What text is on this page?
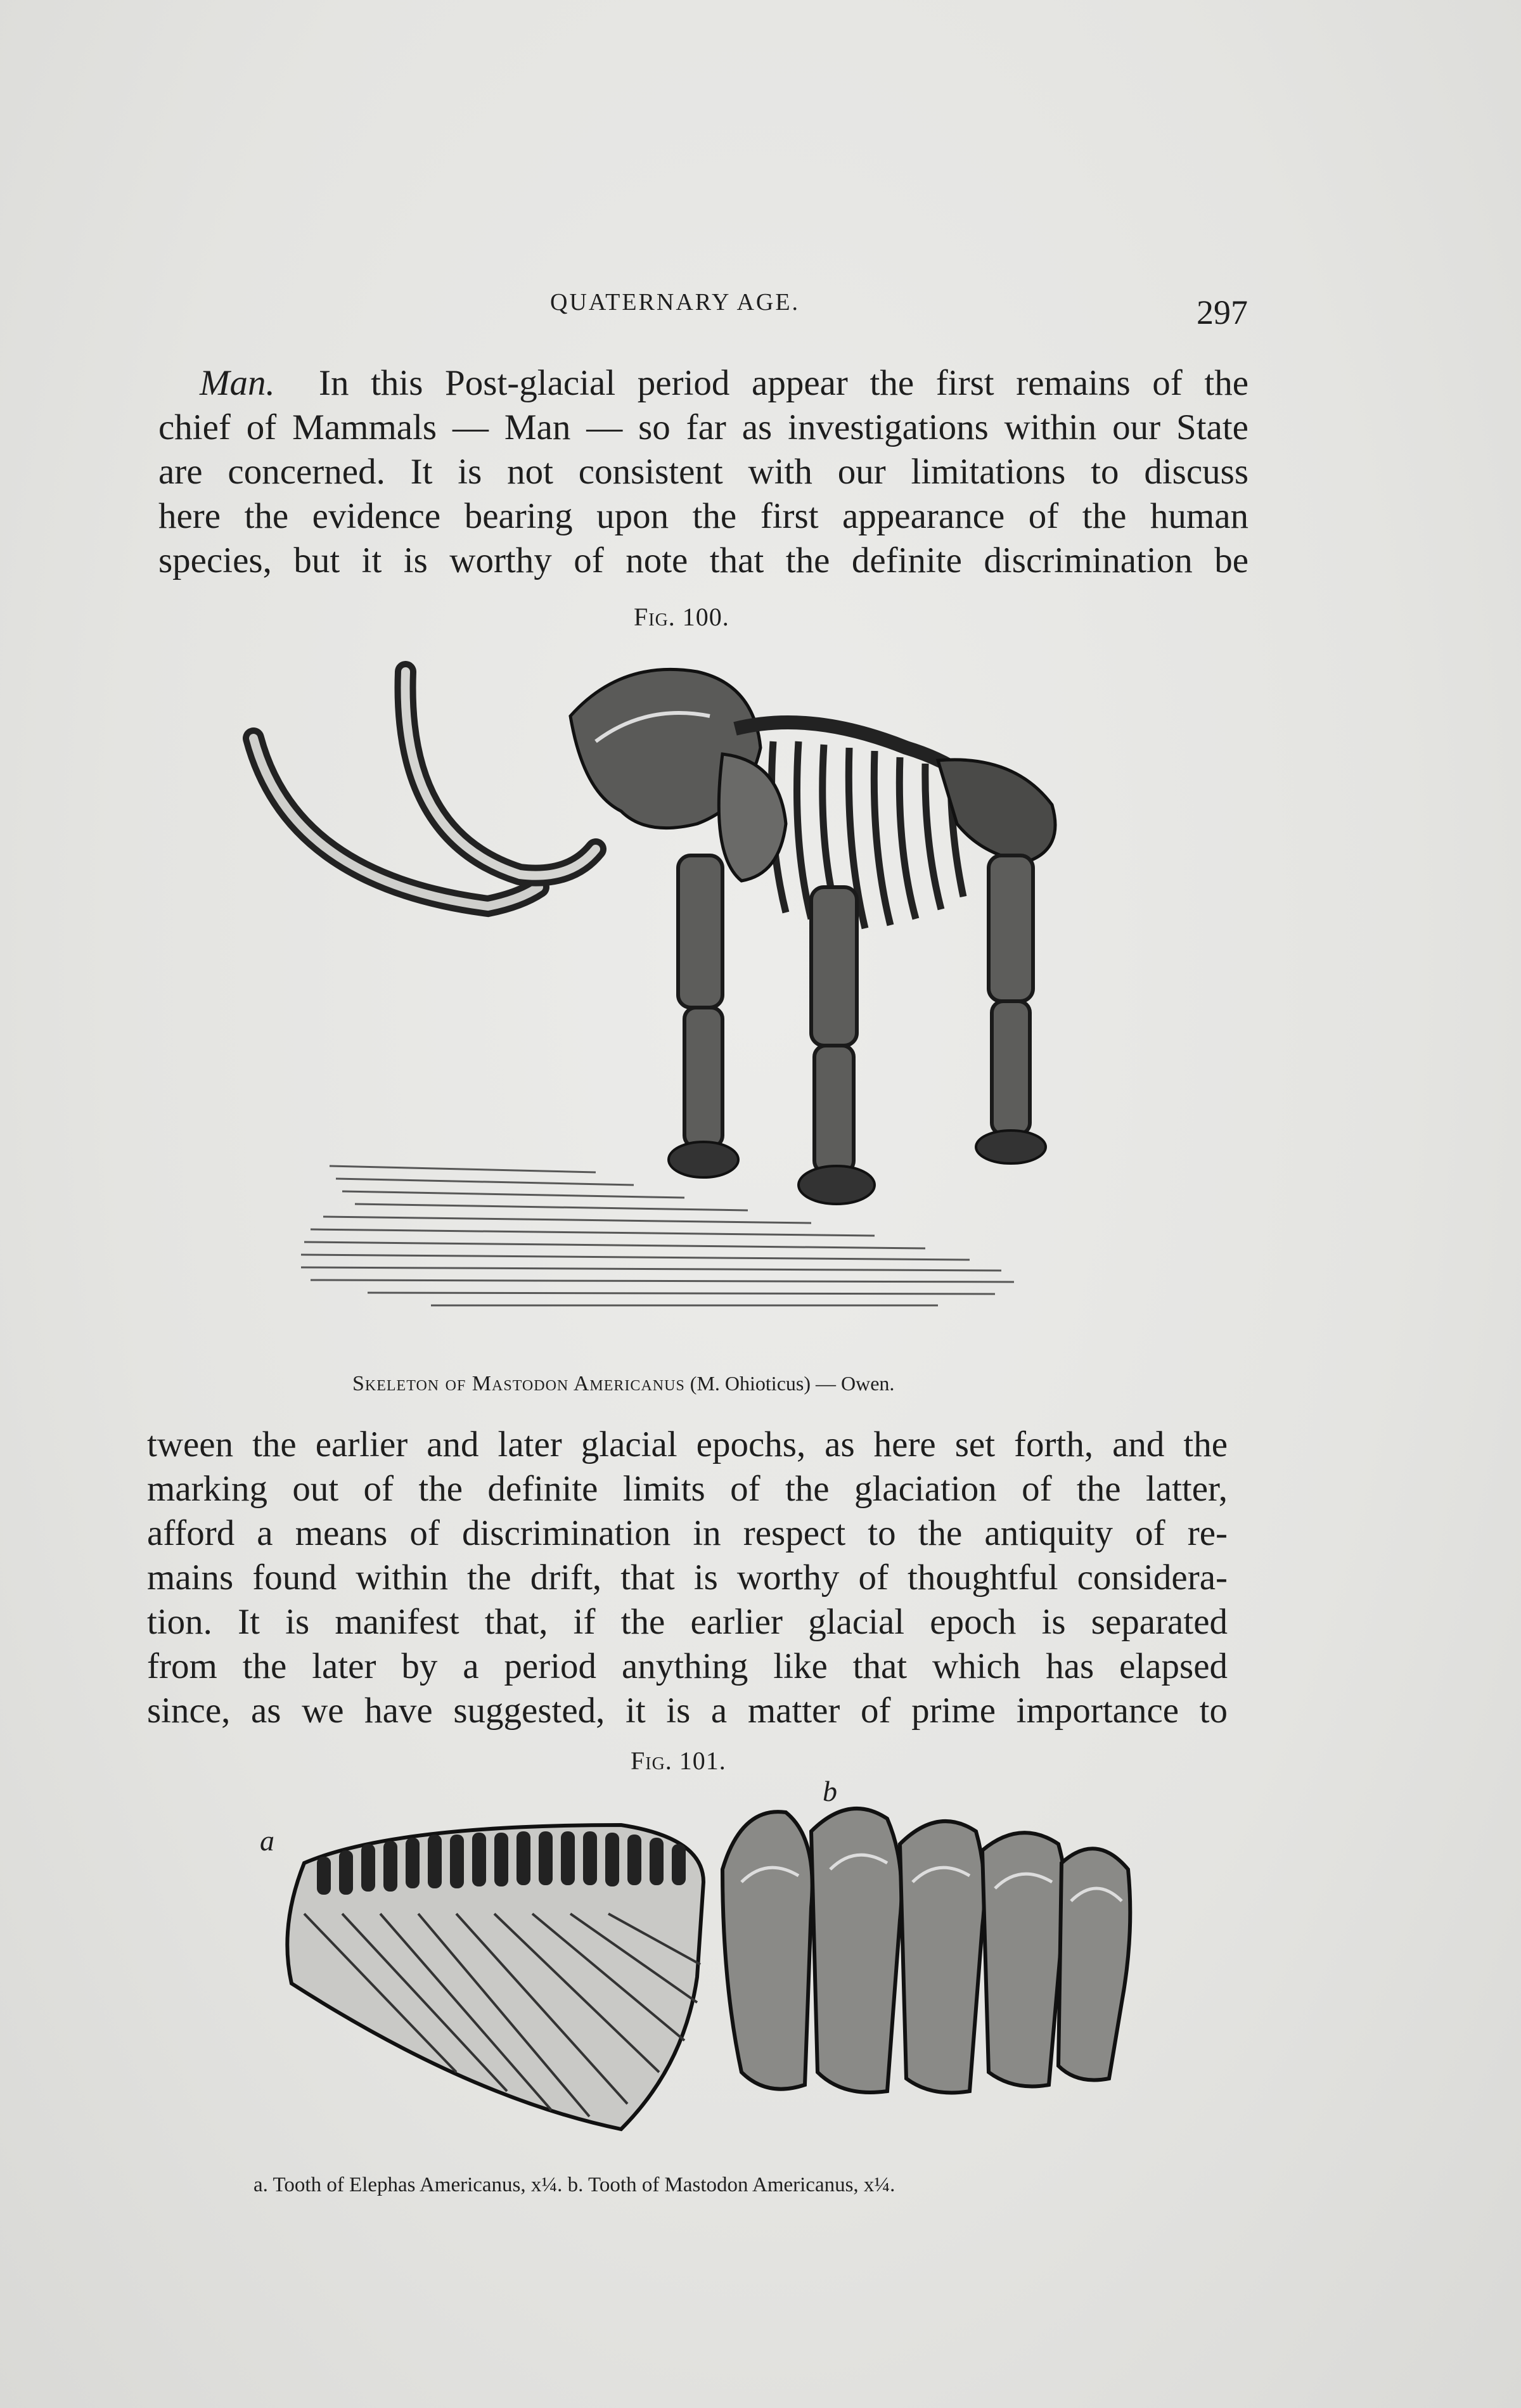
QUATERNARY AGE.	297
Man. In this Post-glacial period appear the first remains of the
chief of Mammals — Man — so far as investigations within our State
are concerned. It is not consistent with our limitations to discuss
here the evidence bearing upon the first appearance of the human
species, but it is worthy of note that the definite discrimination be
Fig. 100.
Skeleton of Mastodon Americanus (M. Ohioticus) — Owen.
tween the earlier and later glacial epochs, as here set forth, and the
marking out of the definite limits of the glaciation of the latter,
afford a means of discrimination in respect to the antiquity of re-
mains found within the drift, that is worthy of thoughtful considera-
tion. It is manifest that, if the earlier glacial epoch is separated
from the later by a period anything like that which has elapsed
since, as we have suggested, it is a matter of prime importance to
Fig. 101.
a
b
a. Tooth of Elephas Americanus, x¼. b. Tooth of Mastodon Americanus, x¼.
